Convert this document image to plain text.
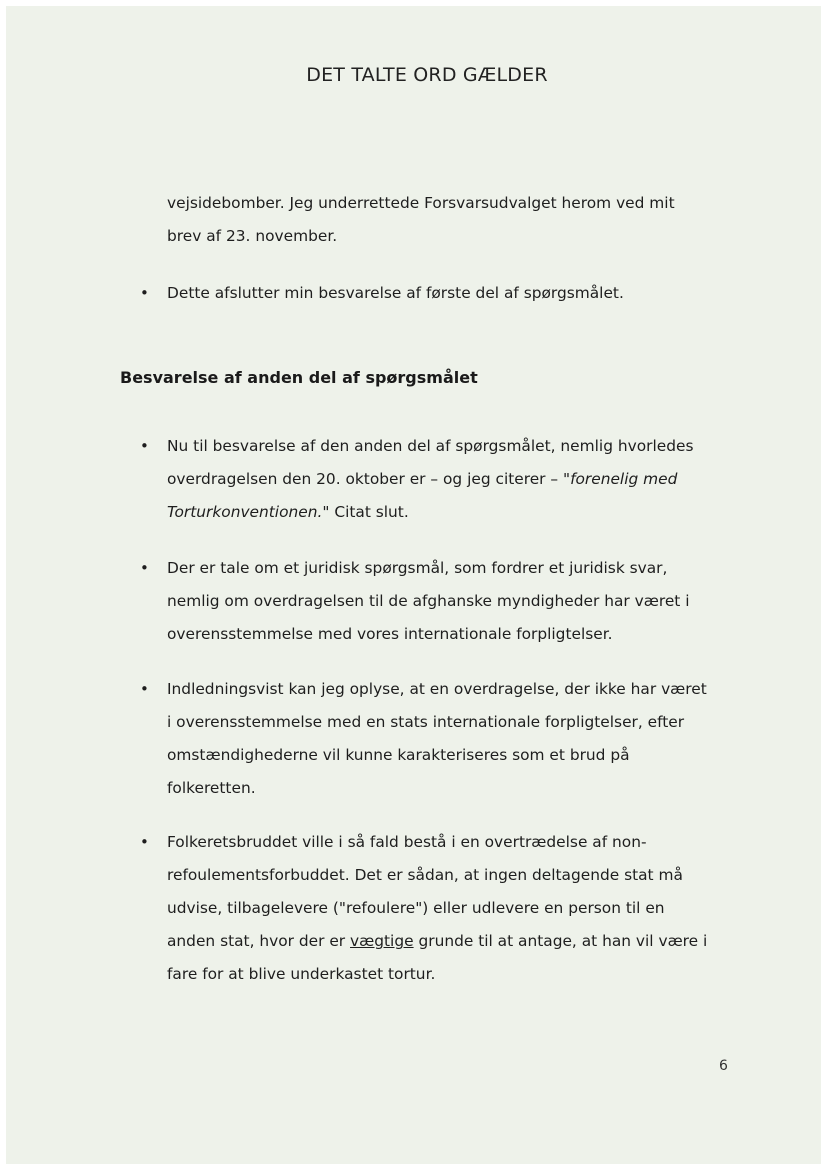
DET TALTE ORD GÆLDER
vejsidebomber. Jeg underrettede Forsvarsudvalget herom ved mit
brev af 23. november.
• Dette afslutter min besvarelse af første del af spørgsmålet.
Besvarelse af anden del af spørgsmålet
• Nu til besvarelse af den anden del af spørgsmålet, nemlig hvorledes
overdragelsen den 20. oktober er – og jeg citerer – "forenelig med
Torturkonventionen." Citat slut.
• Der er tale om et juridisk spørgsmål, som fordrer et juridisk svar,
nemlig om overdragelsen til de afghanske myndigheder har været i
overensstemmelse med vores internationale forpligtelser.
• Indledningsvist kan jeg oplyse, at en overdragelse, der ikke har været
i overensstemmelse med en stats internationale forpligtelser, efter
omstændighederne vil kunne karakteriseres som et brud på
folkeretten.
• Folkeretsbruddet ville i så fald bestå i en overtrædelse af non-
refoulementsforbuddet. Det er sådan, at ingen deltagende stat må
udvise, tilbagelevere ("refoulere") eller udlevere en person til en
anden stat, hvor der er vægtige grunde til at antage, at han vil være i
fare for at blive underkastet tortur.
6
